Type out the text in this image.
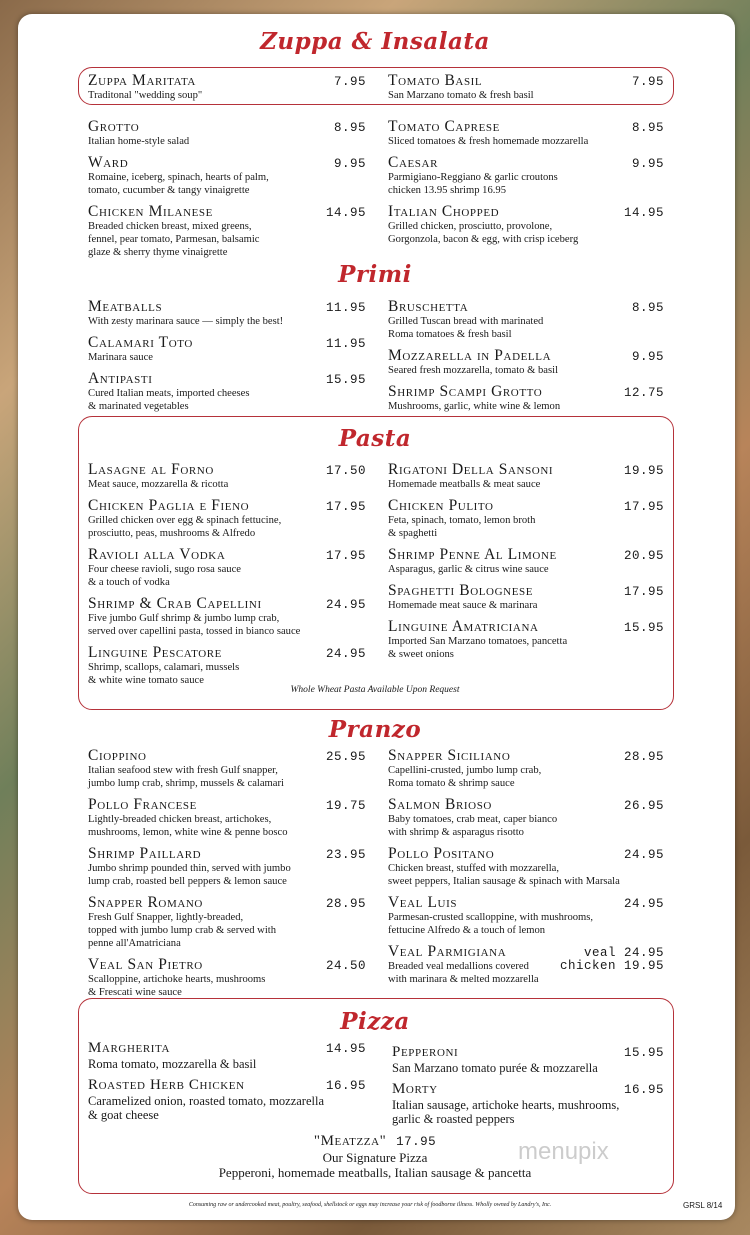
Zuppa & Insalata
Zuppa Maritata	7.95
Traditonal "wedding soup"
Tomato Basil	7.95
San Marzano tomato & fresh basil
Grotto	8.95
Italian home-style salad
Ward	9.95
Romaine, iceberg, spinach, hearts of palm,
tomato, cucumber & tangy vinaigrette
Chicken Milanese	14.95
Breaded chicken breast, mixed greens,
fennel, pear tomato, Parmesan, balsamic
glaze & sherry thyme vinaigrette
Tomato Caprese	8.95
Sliced tomatoes & fresh homemade mozzarella
Caesar	9.95
Parmigiano-Reggiano & garlic croutons
chicken 13.95 shrimp 16.95
Italian Chopped	14.95
Grilled chicken, prosciutto, provolone,
Gorgonzola, bacon & egg, with crisp iceberg
Primi
Meatballs	11.95
With zesty marinara sauce — simply the best!
Calamari Toto	11.95
Marinara sauce
Antipasti	15.95
Cured Italian meats, imported cheeses
& marinated vegetables
Bruschetta	8.95
Grilled Tuscan bread with marinated
Roma tomatoes & fresh basil
Mozzarella in Padella	9.95
Seared fresh mozzarella, tomato & basil
Shrimp Scampi Grotto	12.75
Mushrooms, garlic, white wine & lemon
Pasta
Lasagne al Forno	17.50
Meat sauce, mozzarella & ricotta
Chicken Paglia e Fieno	17.95
Grilled chicken over egg & spinach fettucine,
prosciutto, peas, mushrooms & Alfredo
Ravioli alla Vodka	17.95
Four cheese ravioli, sugo rosa sauce
& a touch of vodka
Shrimp & Crab Capellini	24.95
Five jumbo Gulf shrimp & jumbo lump crab,
served over capellini pasta, tossed in bianco sauce
Linguine Pescatore	24.95
Shrimp, scallops, calamari, mussels
& white wine tomato sauce
Rigatoni Della Sansoni	19.95
Homemade meatballs & meat sauce
Chicken Pulito	17.95
Feta, spinach, tomato, lemon broth
& spaghetti
Shrimp Penne Al Limone	20.95
Asparagus, garlic & citrus wine sauce
Spaghetti Bolognese	17.95
Homemade meat sauce & marinara
Linguine Amatriciana	15.95
Imported San Marzano tomatoes, pancetta
& sweet onions
Whole Wheat Pasta Available Upon Request
Pranzo
Cioppino	25.95
Italian seafood stew with fresh Gulf snapper,
jumbo lump crab, shrimp, mussels & calamari
Pollo Francese	19.75
Lightly-breaded chicken breast, artichokes,
mushrooms, lemon, white wine & penne bosco
Shrimp Paillard	23.95
Jumbo shrimp pounded thin, served with jumbo
lump crab, roasted bell peppers & lemon sauce
Snapper Romano	28.95
Fresh Gulf Snapper, lightly-breaded,
topped with jumbo lump crab & served with
penne all'Amatriciana
Veal San Pietro	24.50
Scalloppine, artichoke hearts, mushrooms
& Frescati wine sauce
Snapper Siciliano	28.95
Capellini-crusted, jumbo lump crab,
Roma tomato & shrimp sauce
Salmon Brioso	26.95
Baby tomatoes, crab meat, caper bianco
with shrimp & asparagus risotto
Pollo Positano	24.95
Chicken breast, stuffed with mozzarella,
sweet peppers, Italian sausage & spinach with Marsala
Veal Luis	24.95
Parmesan-crusted scalloppine, with mushrooms,
fettucine Alfredo & a touch of lemon
Veal Parmigiana	veal 24.95
Breaded veal medallions covered chicken 19.95
with marinara & melted mozzarella
Pizza
Margherita	14.95
Roma tomato, mozzarella & basil
Roasted Herb Chicken	16.95
Caramelized onion, roasted tomato, mozzarella
& goat cheese
Pepperoni	15.95
San Marzano tomato purée & mozzarella
Morty	16.95
Italian sausage, artichoke hearts, mushrooms,
garlic & roasted peppers
"Meatzza" 17.95
Our Signature Pizza
Pepperoni, homemade meatballs, Italian sausage & pancetta
menupix
Consuming raw or undercooked meat, poultry, seafood, shellstock or eggs may increase your risk of foodborne illness. Wholly owned by Landry's, Inc.	GRSL 8/14
